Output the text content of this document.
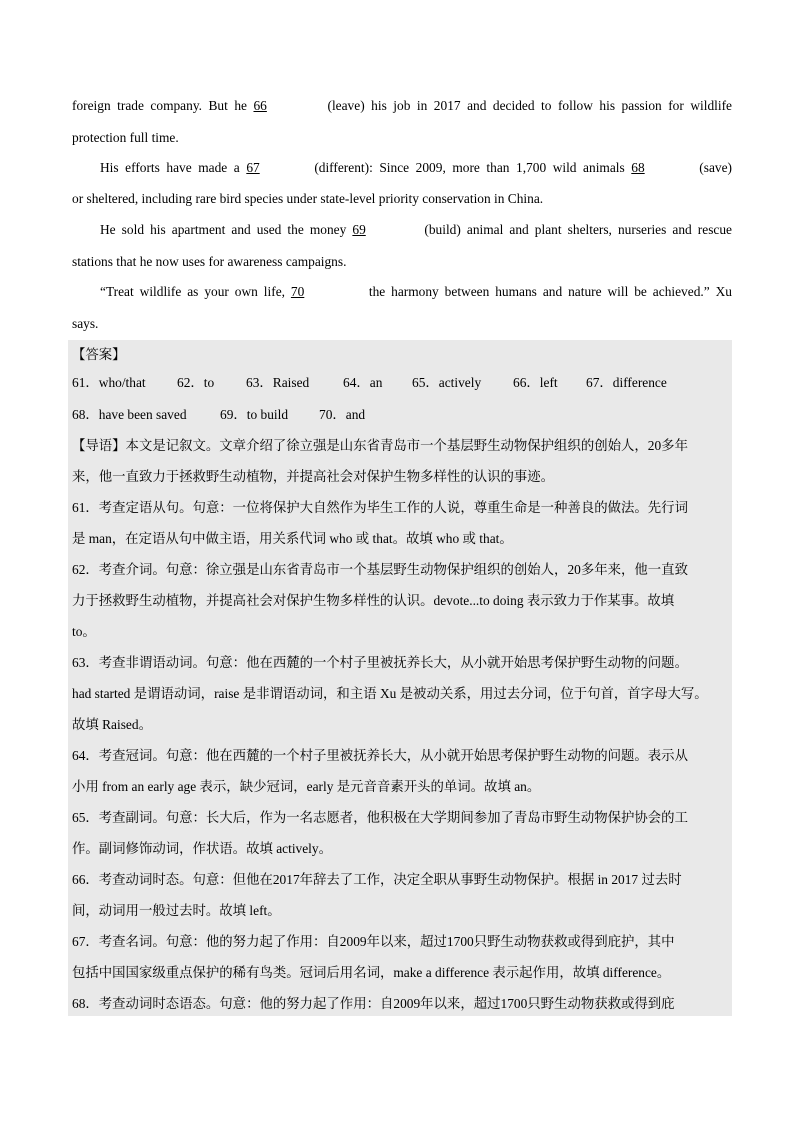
foreign trade company. But he 66	(leave) his job in 2017 and decided to follow his passion for wildlife
protection full time.
His efforts have made a 67	(different): Since 2009, more than 1,700 wild animals 68	(save)
or sheltered, including rare bird species under state-level priority conservation in China.
He sold his apartment and used the money 69	(build) animal and plant shelters, nurseries and rescue
stations that he now uses for awareness campaigns.
“Treat wildlife as your own life, 70	the harmony between humans and nature will be achieved.” Xu
says.
【答案】
61．who/that 62．to 63．Raised	64．an 65．actively 66．left 67．difference
68．have been saved 69．to build 70．and
【导语】本文是记叙文。文章介绍了徐立强是山东省青岛市一个基层野生动物保护组织的创始人，20多年
来，他一直致力于拯救野生动植物，并提高社会对保护生物多样性的认识的事迹。
61．考查定语从句。句意：一位将保护大自然作为毕生工作的人说，尊重生命是一种善良的做法。先行词
是 man，在定语从句中做主语，用关系代词 who 或 that。故填 who 或 that。
62．考查介词。句意：徐立强是山东省青岛市一个基层野生动物保护组织的创始人，20多年来，他一直致
力于拯救野生动植物，并提高社会对保护生物多样性的认识。devote...to doing 表示致力于作某事。故填
to。
63．考查非谓语动词。句意：他在西麓的一个村子里被抚养长大，从小就开始思考保护野生动物的问题。
had started 是谓语动词，raise 是非谓语动词，和主语 Xu 是被动关系，用过去分词，位于句首，首字母大写。
故填 Raised。
64．考查冠词。句意：他在西麓的一个村子里被抚养长大，从小就开始思考保护野生动物的问题。表示从
小用 from an early age 表示，缺少冠词，early 是元音音素开头的单词。故填 an。
65．考查副词。句意：长大后，作为一名志愿者，他积极在大学期间参加了青岛市野生动物保护协会的工
作。副词修饰动词，作状语。故填 actively。
66．考查动词时态。句意：但他在2017年辞去了工作，决定全职从事野生动物保护。根据 in 2017 过去时
间，动词用一般过去时。故填 left。
67．考查名词。句意：他的努力起了作用：自2009年以来，超过1700只野生动物获救或得到庇护，其中
包括中国国家级重点保护的稀有鸟类。冠词后用名词，make a difference 表示起作用，故填 difference。
68．考查动词时态语态。句意：他的努力起了作用：自2009年以来，超过1700只野生动物获救或得到庇
